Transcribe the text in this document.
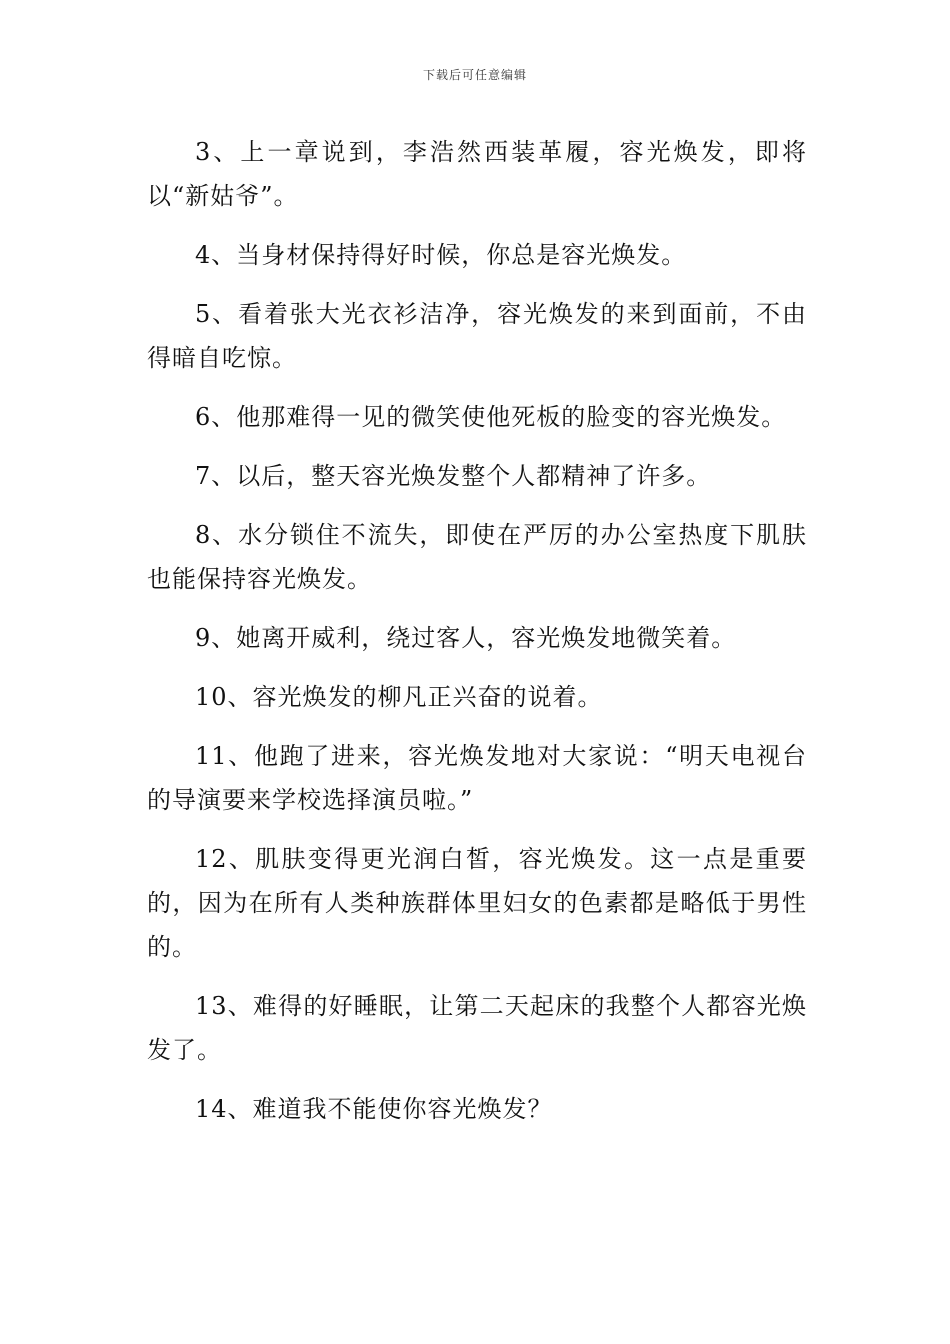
下载后可任意编辑

3、上一章说到，李浩然西装革履，容光焕发，即将以“新姑爷”。

4、当身材保持得好时候，你总是容光焕发。

5、看着张大光衣衫洁净，容光焕发的来到面前，不由得暗自吃惊。

6、他那难得一见的微笑使他死板的脸变的容光焕发。

7、以后，整天容光焕发整个人都精神了许多。

8、水分锁住不流失，即使在严厉的办公室热度下肌肤也能保持容光焕发。

9、她离开威利，绕过客人，容光焕发地微笑着。

10、容光焕发的柳凡正兴奋的说着。

11、他跑了进来，容光焕发地对大家说：“明天电视台的导演要来学校选择演员啦。”

12、肌肤变得更光润白皙，容光焕发。这一点是重要的，因为在所有人类种族群体里妇女的色素都是略低于男性的。

13、难得的好睡眠，让第二天起床的我整个人都容光焕发了。

14、难道我不能使你容光焕发？
